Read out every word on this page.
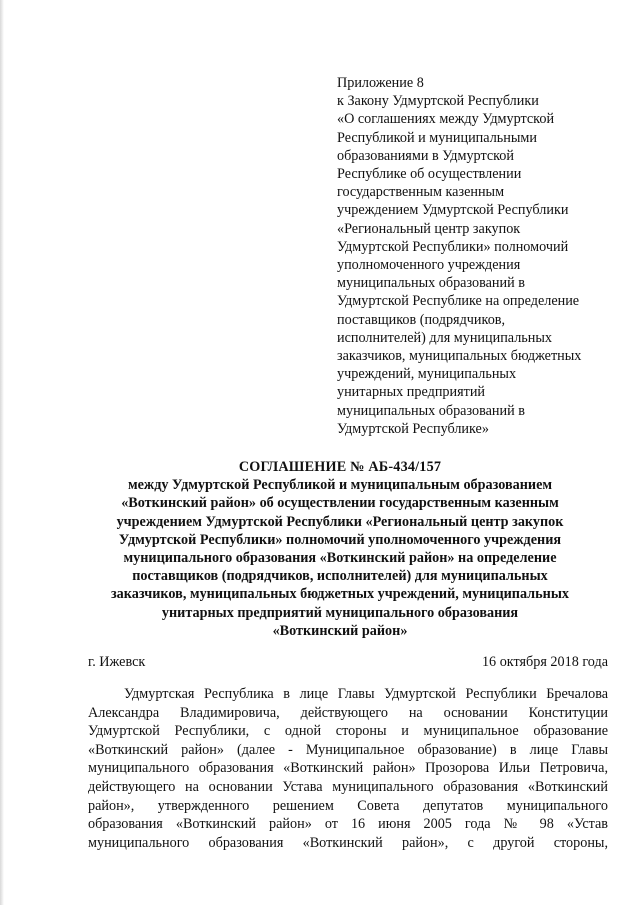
Приложение 8
к Закону Удмуртской Республики
«О соглашениях между Удмуртской
Республикой и муниципальными
образованиями в Удмуртской
Республике об осуществлении
государственным казенным
учреждением Удмуртской Республики
«Региональный центр закупок
Удмуртской Республики» полномочий
уполномоченного учреждения
муниципальных образований в
Удмуртской Республике на определение
поставщиков (подрядчиков,
исполнителей) для муниципальных
заказчиков, муниципальных бюджетных
учреждений, муниципальных
унитарных предприятий
муниципальных образований в
Удмуртской Республике»
СОГЛАШЕНИЕ № АБ-434/157
между Удмуртской Республикой и муниципальным образованием
«Воткинский район» об осуществлении государственным казенным
учреждением Удмуртской Республики «Региональный центр закупок
Удмуртской Республики» полномочий уполномоченного учреждения
муниципального образования «Воткинский район» на определение
поставщиков (подрядчиков, исполнителей) для муниципальных
заказчиков, муниципальных бюджетных учреждений, муниципальных
унитарных предприятий муниципального образования
«Воткинский район»
г. Ижевск	16 октября 2018 года
Удмуртская Республика в лице Главы Удмуртской Республики Бречалова
Александра Владимировича, действующего на основании Конституции
Удмуртской Республики, с одной стороны и муниципальное образование
«Воткинский район» (далее - Муниципальное образование) в лице Главы
муниципального образования «Воткинский район» Прозорова Ильи Петровича,
действующего на основании Устава муниципального образования «Воткинский
район», утвержденного решением Совета депутатов муниципального
образования «Воткинский район» от 16 июня 2005 года № 98 «Устав
муниципального образования «Воткинский район», с другой стороны,
